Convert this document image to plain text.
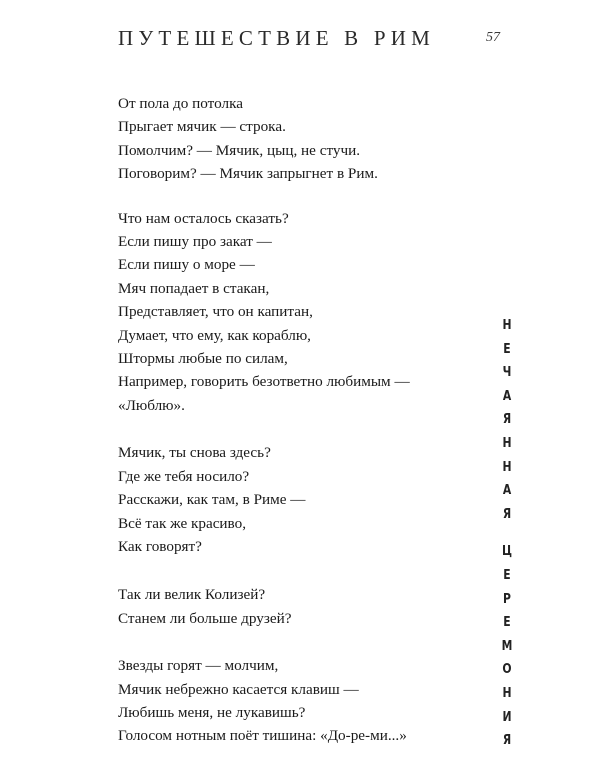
ПУТЕШЕСТВИЕ В РИМ	57
От пола до потолка
Прыгает мячик — строка.
Помолчим? — Мячик, цыц, не стучи.
Поговорим? — Мячик запрыгнет в Рим.
Что нам осталось сказать?
Если пишу про закат —
Если пишу о море —
Мяч попадает в стакан,
Представляет, что он капитан,
Думает, что ему, как кораблю,
Штормы любые по силам,
Например, говорить безответно любимым —
«Люблю».
Мячик, ты снова здесь?
Где же тебя носило?
Расскажи, как там, в Риме —
Всё так же красиво,
Как говорят?
Так ли велик Колизей?
Станем ли больше друзей?
Звезды горят — молчим,
Мячик небрежно касается клавиш —
Любишь меня, не лукавишь?
Голосом нотным поёт тишина: «До-ре-ми...»
Н
Е
Ч
А
Я
Н
Н
А
Я
Ц
Е
Р
Е
М
О
Н
И
Я
